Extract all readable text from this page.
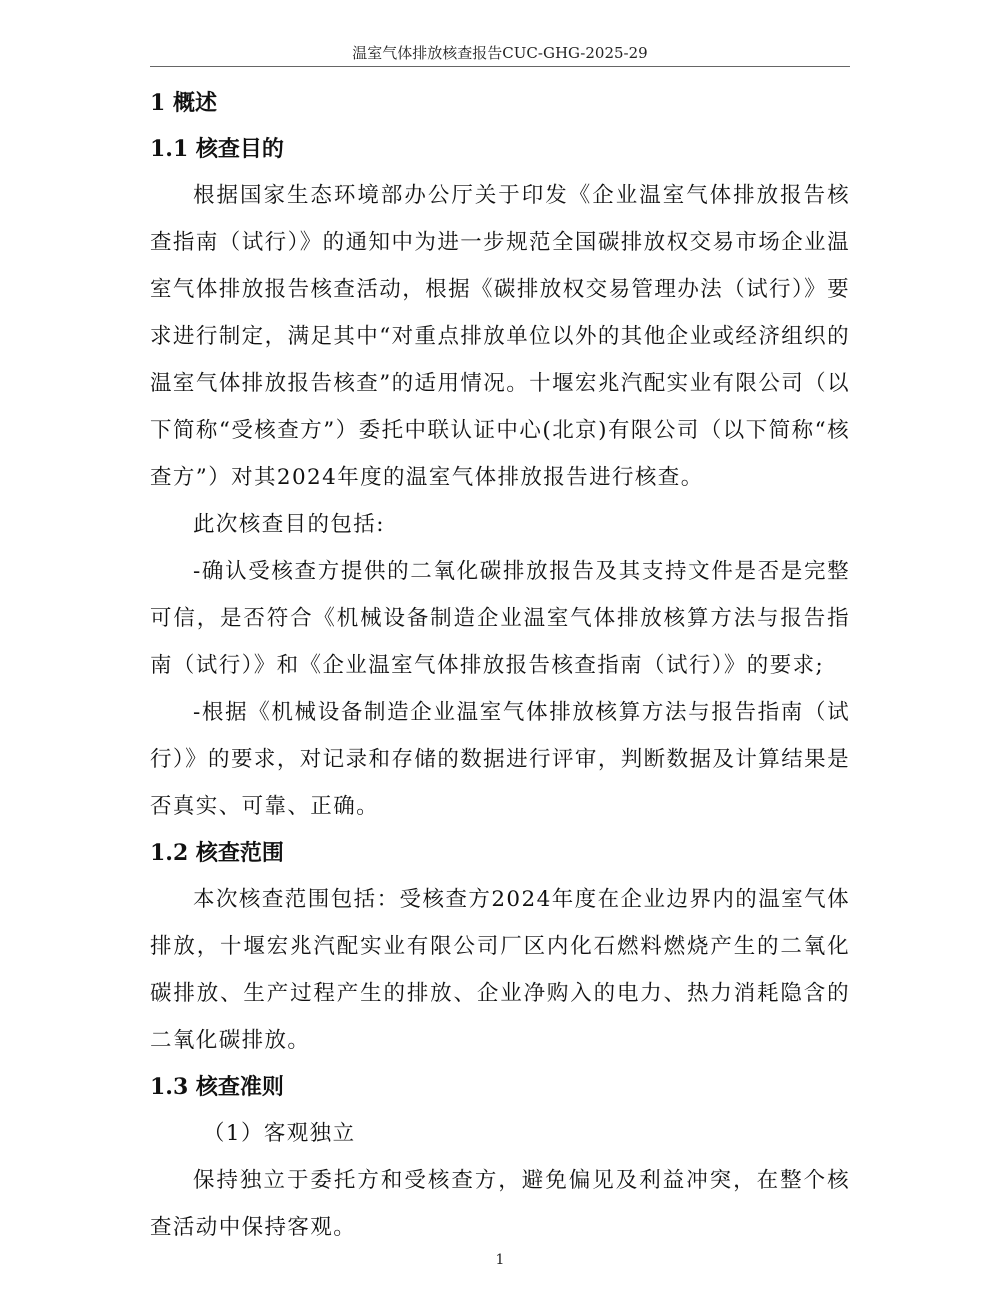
温室气体排放核查报告CUC-GHG-2025-29
1 概述
1.1 核查目的

根据国家生态环境部办公厅关于印发《企业温室气体排放报告核查指南（试行）》的通知中为进一步规范全国碳排放权交易市场企业温室气体排放报告核查活动，根据《碳排放权交易管理办法（试行）》要求进行制定，满足其中“对重点排放单位以外的其他企业或经济组织的温室气体排放报告核查”的适用情况。十堰宏兆汽配实业有限公司（以下简称“受核查方”）委托中联认证中心(北京)有限公司（以下简称“核查方”）对其2024年度的温室气体排放报告进行核查。

此次核查目的包括:

-确认受核查方提供的二氧化碳排放报告及其支持文件是否是完整可信，是否符合《机械设备制造企业温室气体排放核算方法与报告指南（试行）》和《企业温室气体排放报告核查指南（试行）》的要求;

-根据《机械设备制造企业温室气体排放核算方法与报告指南（试行）》的要求，对记录和存储的数据进行评审，判断数据及计算结果是否真实、可靠、正确。

1.2 核查范围

本次核查范围包括：受核查方2024年度在企业边界内的温室气体排放，十堰宏兆汽配实业有限公司厂区内化石燃料燃烧产生的二氧化碳排放、生产过程产生的排放、企业净购入的电力、热力消耗隐含的二氧化碳排放。

1.3 核查准则

（1）客观独立

保持独立于委托方和受核查方，避免偏见及利益冲突，在整个核查活动中保持客观。

1
